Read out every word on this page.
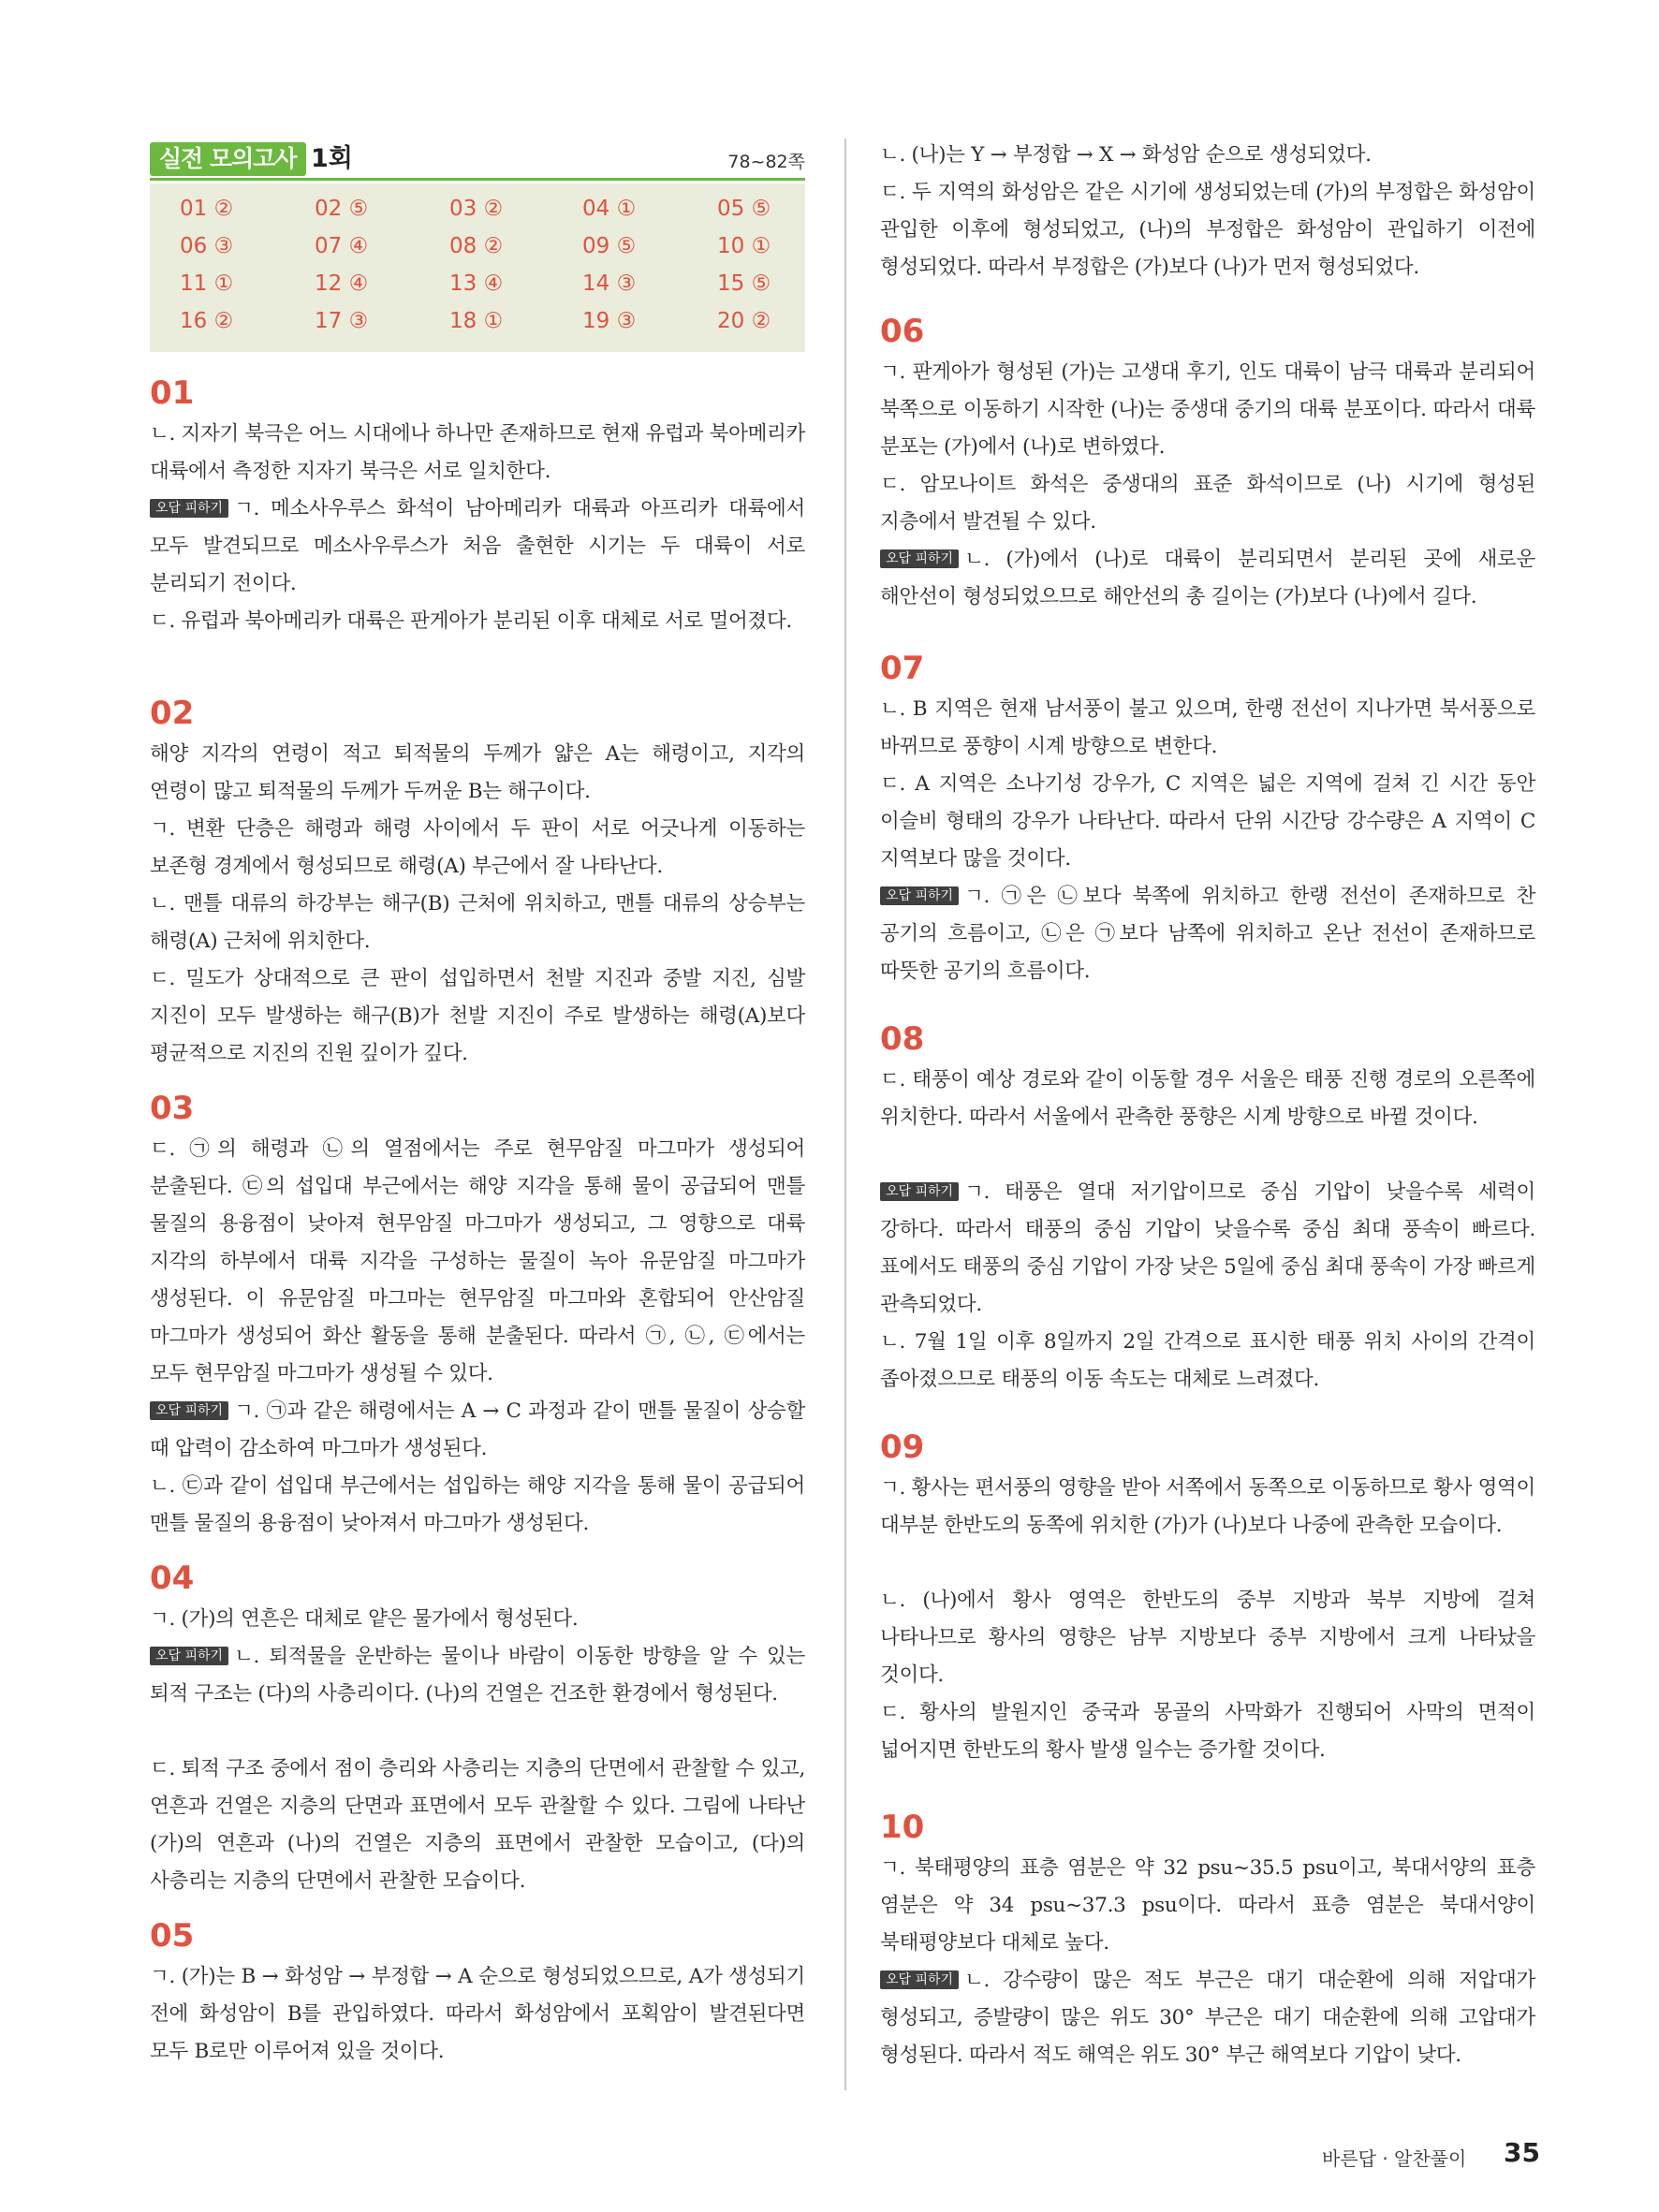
실전 모의고사 1회	78~82쪽
01 ②	02 ⑤	03 ②	04 ①	05 ⑤
06 ③	07 ④	08 ②	09 ⑤	10 ①
11 ①	12 ④	13 ④	14 ③	15 ⑤
16 ②	17 ③	18 ①	19 ③	20 ②
01

ㄴ. 지자기 북극은 어느 시대에나 하나만 존재하므로 현재 유럽과 북아메리카 대륙에서 측정한 지자기 북극은 서로 일치한다.

오답 피하기 ㄱ. 메소사우루스 화석이 남아메리카 대륙과 아프리카 대륙에서 모두 발견되므로 메소사우루스가 처음 출현한 시기는 두 대륙이 서로 분리되기 전이다.

ㄷ. 유럽과 북아메리카 대륙은 판게아가 분리된 이후 대체로 서로 멀어졌다.

02

해양 지각의 연령이 적고 퇴적물의 두께가 얇은 A는 해령이고, 지각의 연령이 많고 퇴적물의 두께가 두꺼운 B는 해구이다.

ㄱ. 변환 단층은 해령과 해령 사이에서 두 판이 서로 어긋나게 이동하는 보존형 경계에서 형성되므로 해령(A) 부근에서 잘 나타난다.

ㄴ. 맨틀 대류의 하강부는 해구(B) 근처에 위치하고, 맨틀 대류의 상승부는 해령(A) 근처에 위치한다.

ㄷ. 밀도가 상대적으로 큰 판이 섭입하면서 천발 지진과 중발 지진, 심발 지진이 모두 발생하는 해구(B)가 천발 지진이 주로 발생하는 해령(A)보다 평균적으로 지진의 진원 깊이가 깊다.

03

ㄷ. ㉠의 해령과 ㉡의 열점에서는 주로 현무암질 마그마가 생성되어 분출된다. ㉢의 섭입대 부근에서는 해양 지각을 통해 물이 공급되어 맨틀 물질의 용융점이 낮아져 현무암질 마그마가 생성되고, 그 영향으로 대륙 지각의 하부에서 대륙 지각을 구성하는 물질이 녹아 유문암질 마그마가 생성된다. 이 유문암질 마그마는 현무암질 마그마와 혼합되어 안산암질 마그마가 생성되어 화산 활동을 통해 분출된다. 따라서 ㉠, ㉡, ㉢에서는 모두 현무암질 마그마가 생성될 수 있다.

오답 피하기 ㄱ. ㉠과 같은 해령에서는 A → C 과정과 같이 맨틀 물질이 상승할 때 압력이 감소하여 마그마가 생성된다.

ㄴ. ㉢과 같이 섭입대 부근에서는 섭입하는 해양 지각을 통해 물이 공급되어 맨틀 물질의 용융점이 낮아져서 마그마가 생성된다.

04

ㄱ. (가)의 연흔은 대체로 얕은 물가에서 형성된다.

오답 피하기 ㄴ. 퇴적물을 운반하는 물이나 바람이 이동한 방향을 알 수 있는 퇴적 구조는 (다)의 사층리이다. (나)의 건열은 건조한 환경에서 형성된다.

ㄷ. 퇴적 구조 중에서 점이 층리와 사층리는 지층의 단면에서 관찰할 수 있고, 연흔과 건열은 지층의 단면과 표면에서 모두 관찰할 수 있다. 그림에 나타난 (가)의 연흔과 (나)의 건열은 지층의 표면에서 관찰한 모습이고, (다)의 사층리는 지층의 단면에서 관찰한 모습이다.

05

ㄱ. (가)는 B → 화성암 → 부정합 → A 순으로 형성되었으므로, A가 생성되기 전에 화성암이 B를 관입하였다. 따라서 화성암에서 포획암이 발견된다면 모두 B로만 이루어져 있을 것이다.

ㄴ. (나)는 Y → 부정합 → X → 화성암 순으로 생성되었다.

ㄷ. 두 지역의 화성암은 같은 시기에 생성되었는데 (가)의 부정합은 화성암이 관입한 이후에 형성되었고, (나)의 부정합은 화성암이 관입하기 이전에 형성되었다. 따라서 부정합은 (가)보다 (나)가 먼저 형성되었다.

06

ㄱ. 판게아가 형성된 (가)는 고생대 후기, 인도 대륙이 남극 대륙과 분리되어 북쪽으로 이동하기 시작한 (나)는 중생대 중기의 대륙 분포이다. 따라서 대륙 분포는 (가)에서 (나)로 변하였다.

ㄷ. 암모나이트 화석은 중생대의 표준 화석이므로 (나) 시기에 형성된 지층에서 발견될 수 있다.

오답 피하기 ㄴ. (가)에서 (나)로 대륙이 분리되면서 분리된 곳에 새로운 해안선이 형성되었으므로 해안선의 총 길이는 (가)보다 (나)에서 길다.

07

ㄴ. B 지역은 현재 남서풍이 불고 있으며, 한랭 전선이 지나가면 북서풍으로 바뀌므로 풍향이 시계 방향으로 변한다.

ㄷ. A 지역은 소나기성 강우가, C 지역은 넓은 지역에 걸쳐 긴 시간 동안 이슬비 형태의 강우가 나타난다. 따라서 단위 시간당 강수량은 A 지역이 C 지역보다 많을 것이다.

오답 피하기 ㄱ. ㉠은 ㉡보다 북쪽에 위치하고 한랭 전선이 존재하므로 찬 공기의 흐름이고, ㉡은 ㉠보다 남쪽에 위치하고 온난 전선이 존재하므로 따뜻한 공기의 흐름이다.

08

ㄷ. 태풍이 예상 경로와 같이 이동할 경우 서울은 태풍 진행 경로의 오른쪽에 위치한다. 따라서 서울에서 관측한 풍향은 시계 방향으로 바뀔 것이다.

오답 피하기 ㄱ. 태풍은 열대 저기압이므로 중심 기압이 낮을수록 세력이 강하다. 따라서 태풍의 중심 기압이 낮을수록 중심 최대 풍속이 빠르다. 표에서도 태풍의 중심 기압이 가장 낮은 5일에 중심 최대 풍속이 가장 빠르게 관측되었다.

ㄴ. 7월 1일 이후 8일까지 2일 간격으로 표시한 태풍 위치 사이의 간격이 좁아졌으므로 태풍의 이동 속도는 대체로 느려졌다.

09

ㄱ. 황사는 편서풍의 영향을 받아 서쪽에서 동쪽으로 이동하므로 황사 영역이 대부분 한반도의 동쪽에 위치한 (가)가 (나)보다 나중에 관측한 모습이다.

ㄴ. (나)에서 황사 영역은 한반도의 중부 지방과 북부 지방에 걸쳐 나타나므로 황사의 영향은 남부 지방보다 중부 지방에서 크게 나타났을 것이다.

ㄷ. 황사의 발원지인 중국과 몽골의 사막화가 진행되어 사막의 면적이 넓어지면 한반도의 황사 발생 일수는 증가할 것이다.

10

ㄱ. 북태평양의 표층 염분은 약 32 psu~35.5 psu이고, 북대서양의 표층 염분은 약 34 psu~37.3 psu이다. 따라서 표층 염분은 북대서양이 북태평양보다 대체로 높다.

오답 피하기 ㄴ. 강수량이 많은 적도 부근은 대기 대순환에 의해 저압대가 형성되고, 증발량이 많은 위도 30° 부근은 대기 대순환에 의해 고압대가 형성된다. 따라서 적도 해역은 위도 30° 부근 해역보다 기압이 낮다.

바른답 · 알찬풀이 35
